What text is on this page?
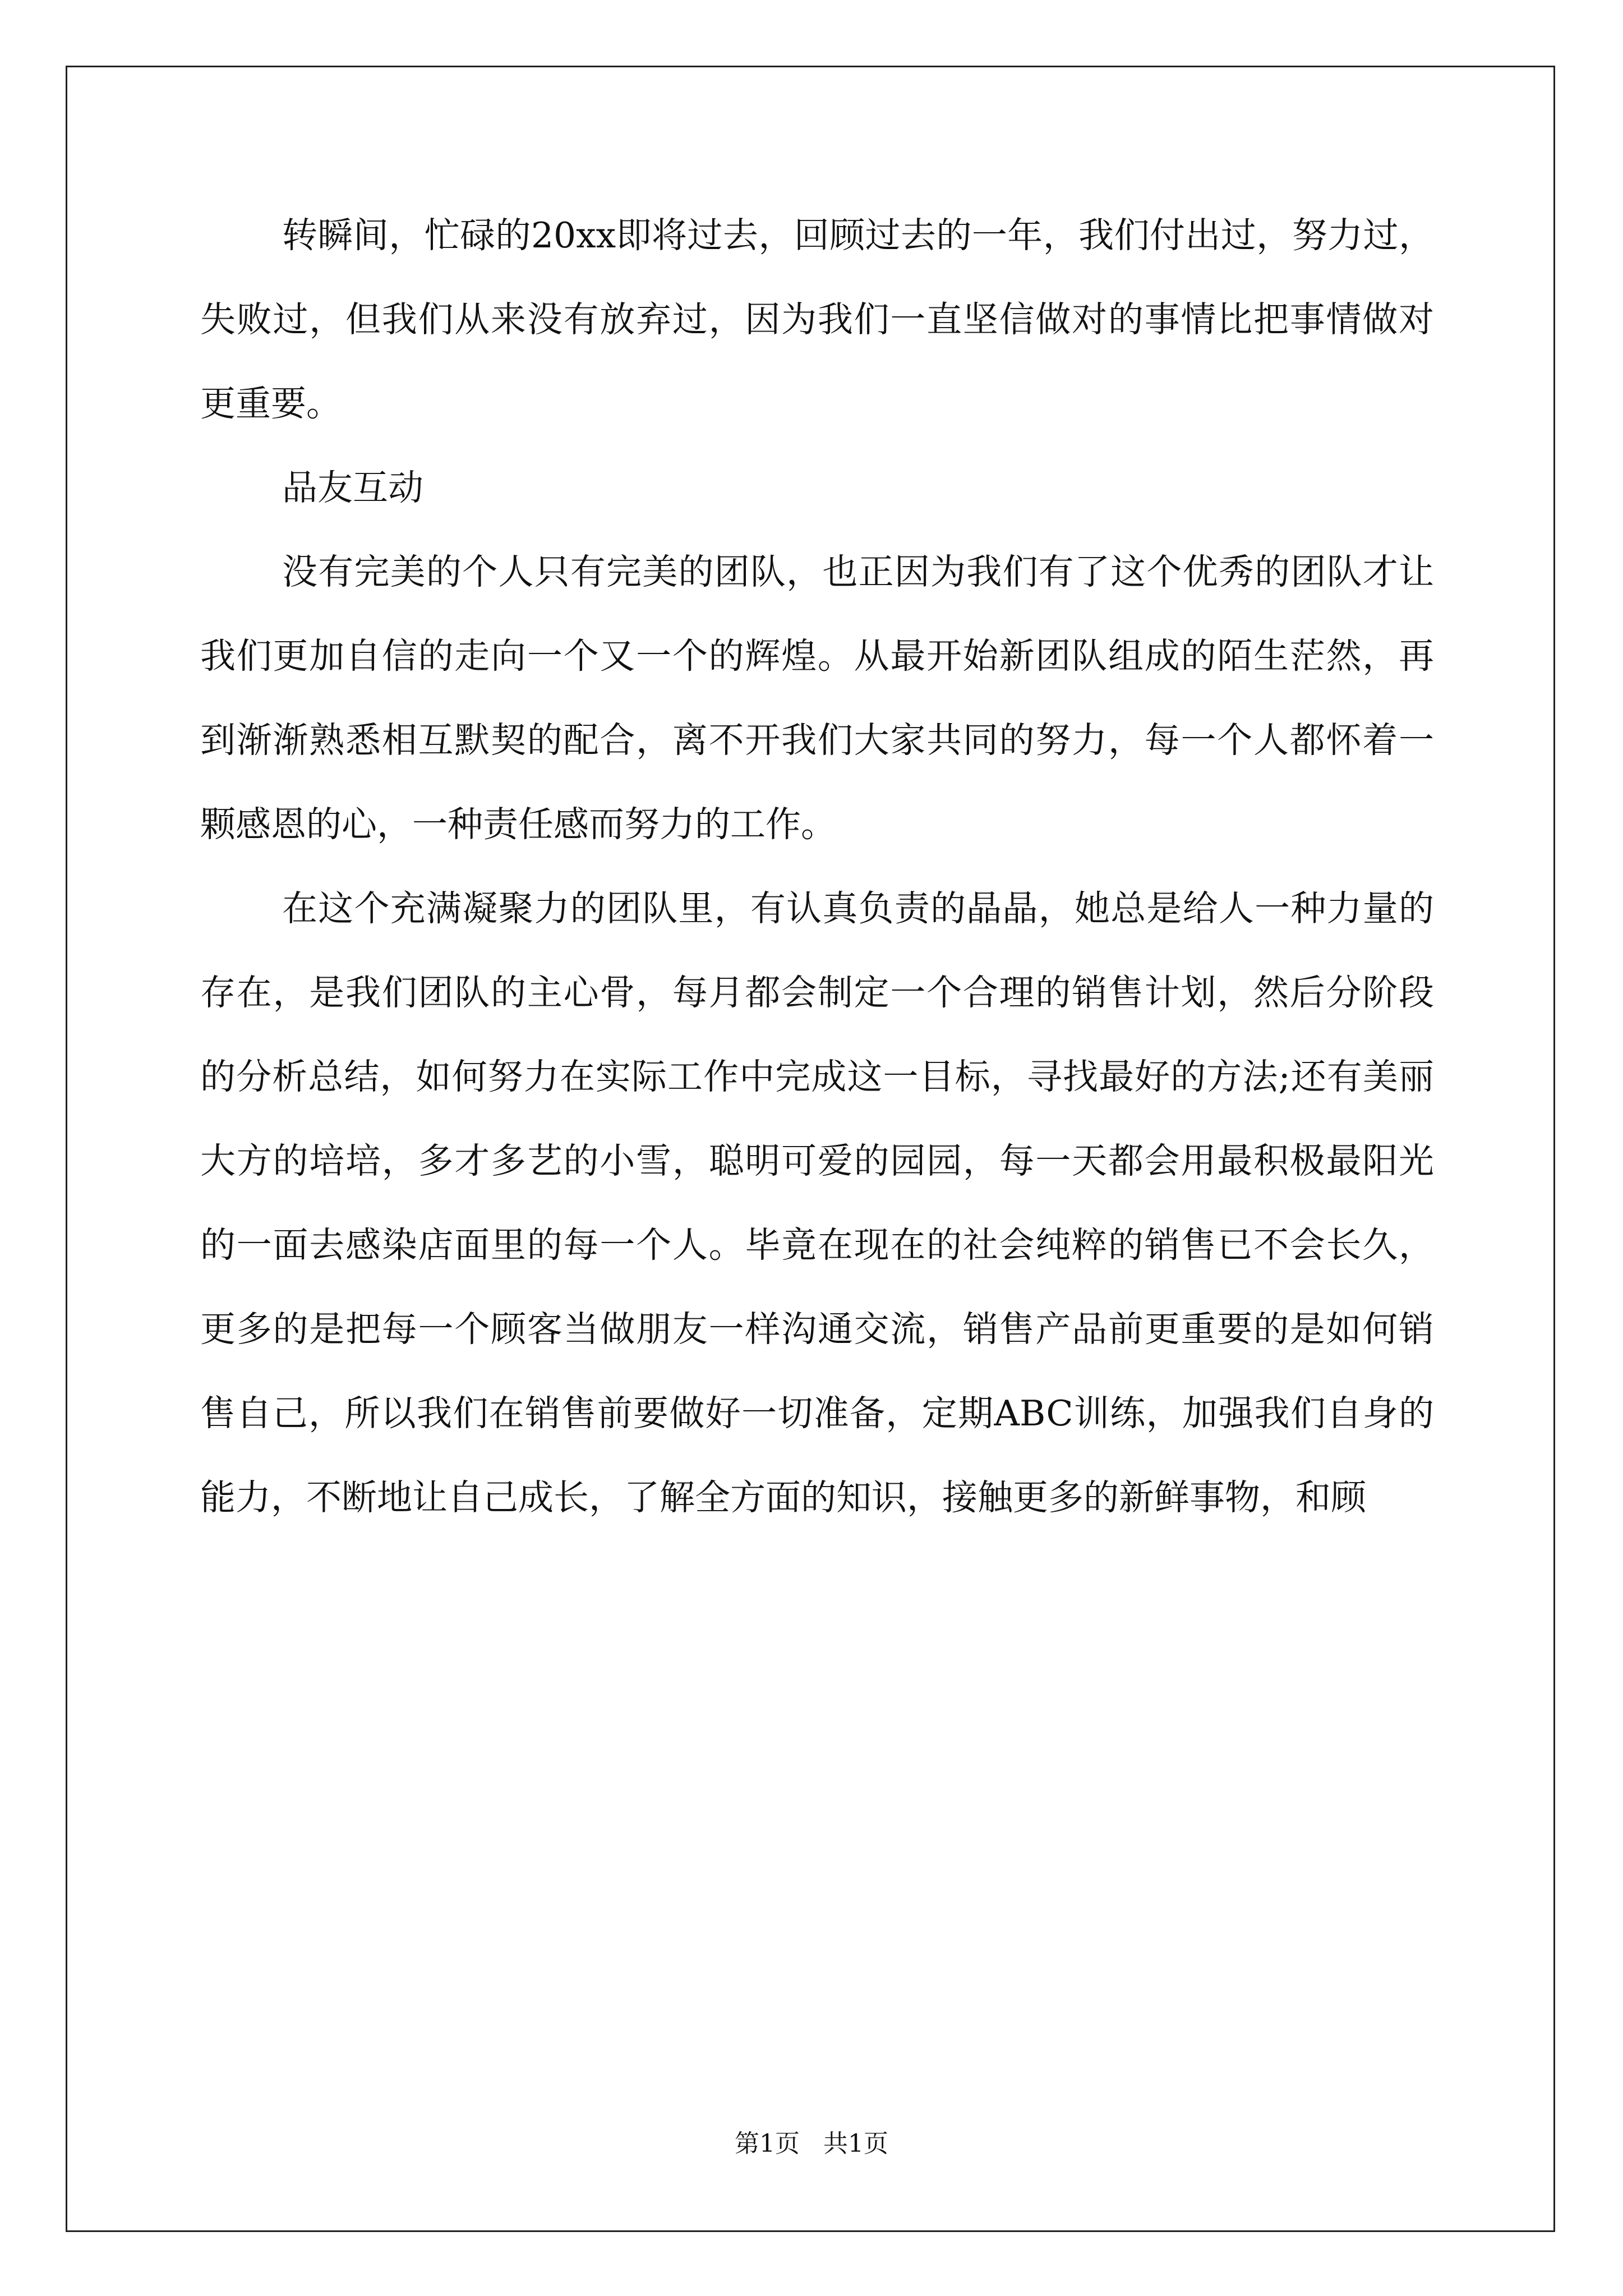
转瞬间，忙碌的20xx即将过去，回顾过去的一年，我们付出过，努力过，失败过，但我们从来没有放弃过，因为我们一直坚信做对的事情比把事情做对更重要。

品友互动

没有完美的个人只有完美的团队，也正因为我们有了这个优秀的团队才让我们更加自信的走向一个又一个的辉煌。从最开始新团队组成的陌生茫然，再到渐渐熟悉相互默契的配合，离不开我们大家共同的努力，每一个人都怀着一颗感恩的心，一种责任感而努力的工作。

在这个充满凝聚力的团队里，有认真负责的晶晶，她总是给人一种力量的存在，是我们团队的主心骨，每月都会制定一个合理的销售计划，然后分阶段的分析总结，如何努力在实际工作中完成这一目标，寻找最好的方法;还有美丽大方的培培，多才多艺的小雪，聪明可爱的园园，每一天都会用最积极最阳光的一面去感染店面里的每一个人。毕竟在现在的社会纯粹的销售已不会长久，更多的是把每一个顾客当做朋友一样沟通交流，销售产品前更重要的是如何销售自己，所以我们在销售前要做好一切准备，定期ABC训练，加强我们自身的能力，不断地让自己成长，了解全方面的知识，接触更多的新鲜事物，和顾

第1页   共1页
